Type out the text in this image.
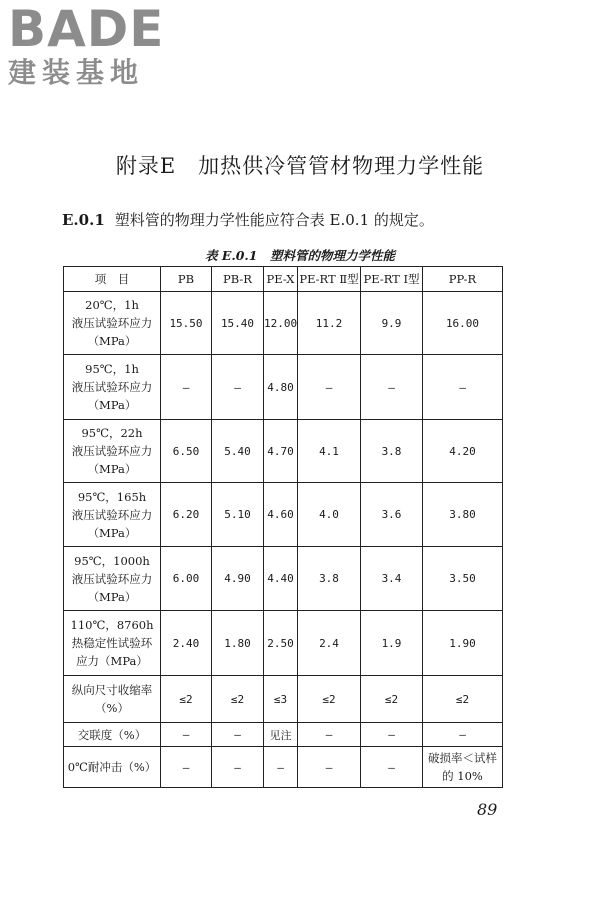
BADE
建装基地
附录E　加热供冷管管材物理力学性能
E.0.1 塑料管的物理力学性能应符合表 E.0.1 的规定。
表 E.0.1　塑料管的物理力学性能
项　目	PB	PB-R	PE-X	PE-RT Ⅱ型	PE-RT Ⅰ型	PP-R

20℃，1h
液压试验环应力
（MPa）	15.50	15.40	12.00	11.2	9.9	16.00

95℃，1h
液压试验环应力
（MPa）	—	—	4.80	—	—	—

95℃，22h
液压试验环应力
（MPa）	6.50	5.40	4.70	4.1	3.8	4.20

95℃，165h
液压试验环应力
（MPa）	6.20	5.10	4.60	4.0	3.6	3.80

95℃，1000h
液压试验环应力
（MPa）	6.00	4.90	4.40	3.8	3.4	3.50

110℃，8760h
热稳定性试验环
应力（MPa）	2.40	1.80	2.50	2.4	1.9	1.90

纵向尺寸收缩率
（%）	≤2	≤2	≤3	≤2	≤2	≤2

交联度（%）	—	—	见注	—	—	—

0℃耐冲击（%）	—	—	—	—	—	破损率＜试样
的 10%
89
